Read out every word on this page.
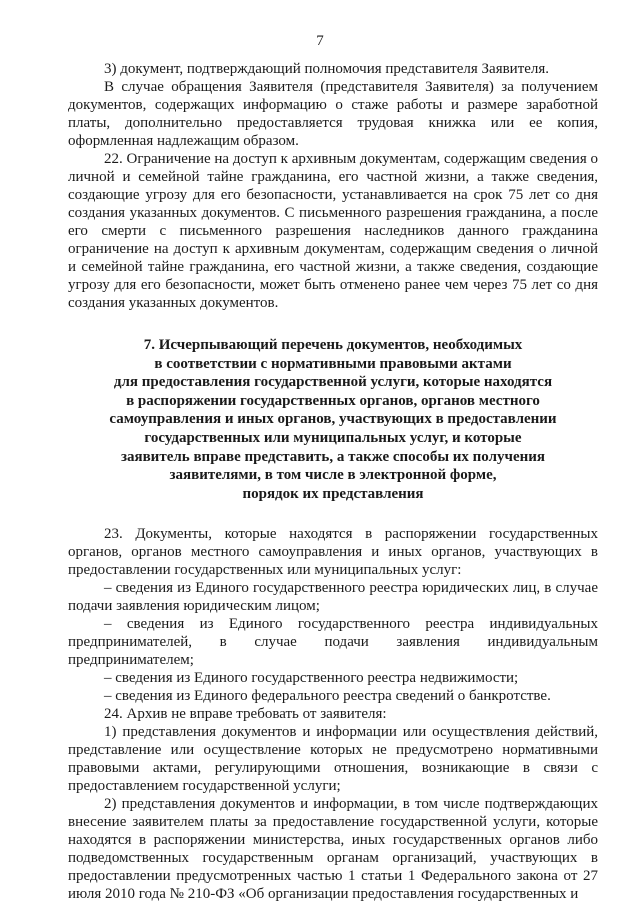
7

3) документ, подтверждающий полномочия представителя Заявителя.

В случае обращения Заявителя (представителя Заявителя) за получением документов, содержащих информацию о стаже работы и размере заработной платы, дополнительно предоставляется трудовая книжка или ее копия, оформленная надлежащим образом.

22. Ограничение на доступ к архивным документам, содержащим сведения о личной и семейной тайне гражданина, его частной жизни, а также сведения, создающие угрозу для его безопасности, устанавливается на срок 75 лет со дня создания указанных документов. С письменного разрешения гражданина, а после его смерти с письменного разрешения наследников данного гражданина ограничение на доступ к архивным документам, содержащим сведения о личной и семейной тайне гражданина, его частной жизни, а также сведения, создающие угрозу для его безопасности, может быть отменено ранее чем через 75 лет со дня создания указанных документов.

7. Исчерпывающий перечень документов, необходимых
в соответствии с нормативными правовыми актами
для предоставления государственной услуги, которые находятся
в распоряжении государственных органов, органов местного
самоуправления и иных органов, участвующих в предоставлении
государственных или муниципальных услуг, и которые
заявитель вправе представить, а также способы их получения
заявителями, в том числе в электронной форме,
порядок их представления

23. Документы, которые находятся в распоряжении государственных органов, органов местного самоуправления и иных органов, участвующих в предоставлении государственных или муниципальных услуг:

– сведения из Единого государственного реестра юридических лиц, в случае подачи заявления юридическим лицом;

– сведения из Единого государственного реестра индивидуальных предпринимателей, в случае подачи заявления индивидуальным предпринимателем;

– сведения из Единого государственного реестра недвижимости;

– сведения из Единого федерального реестра сведений о банкротстве.

24. Архив не вправе требовать от заявителя:

1) представления документов и информации или осуществления действий, представление или осуществление которых не предусмотрено нормативными правовыми актами, регулирующими отношения, возникающие в связи с предоставлением государственной услуги;

2) представления документов и информации, в том числе подтверждающих внесение заявителем платы за предоставление государственной услуги, которые находятся в распоряжении министерства, иных государственных органов либо подведомственных государственным органам организаций, участвующих в предоставлении предусмотренных частью 1 статьи 1 Федерального закона от 27 июля 2010 года № 210-ФЗ «Об организации предоставления государственных и
